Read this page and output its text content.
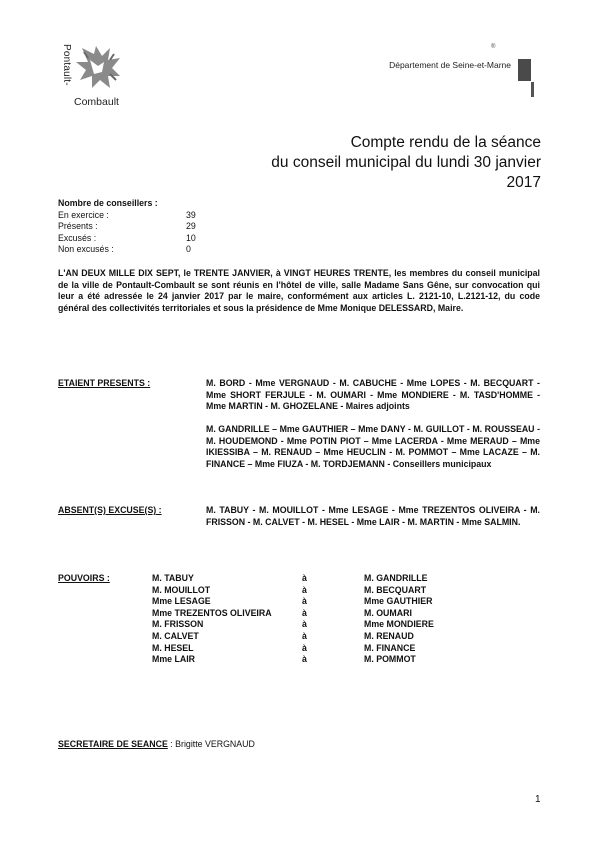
Pontault-
Combault
®
Département de Seine-et-Marne
Compte rendu de la séance
du conseil municipal du lundi 30 janvier
2017
Nombre de conseillers :
En exercice :	39
Présents :	29
Excusés :	10
Non excusés :	0
L'AN DEUX MILLE DIX SEPT, le TRENTE JANVIER, à VINGT HEURES TRENTE, les membres du conseil municipal de la ville de Pontault-Combault se sont réunis en l'hôtel de ville, salle Madame Sans Gêne, sur convocation qui leur a été adressée le 24 janvier 2017 par le maire, conformément aux articles L. 2121-10, L.2121-12, du code général des collectivités territoriales et sous la présidence de Mme Monique DELESSARD, Maire.
ETAIENT PRESENTS :	M. BORD - Mme VERGNAUD - M. CABUCHE - Mme LOPES - M. BECQUART - Mme SHORT FERJULE - M. OUMARI - Mme MONDIERE - M. TASD'HOMME - Mme MARTIN - M. GHOZELANE - Maires adjoints
M. GANDRILLE – Mme GAUTHIER – Mme DANY - M. GUILLOT - M. ROUSSEAU - M. HOUDEMOND - Mme POTIN PIOT – Mme LACERDA - Mme MERAUD – Mme IKIESSIBA – M. RENAUD – Mme HEUCLIN - M. POMMOT – Mme LACAZE – M. FINANCE – Mme FIUZA - M. TORDJEMANN - Conseillers municipaux
ABSENT(S) EXCUSE(S) :	M. TABUY - M. MOUILLOT - Mme LESAGE - Mme TREZENTOS OLIVEIRA - M. FRISSON - M. CALVET - M. HESEL - Mme LAIR - M. MARTIN - Mme SALMIN.
POUVOIRS :	M. TABUY	à	M. GANDRILLE
M. MOUILLOT	à	M. BECQUART
Mme LESAGE	à	Mme GAUTHIER
Mme TREZENTOS OLIVEIRA	à	M. OUMARI
M. FRISSON	à	Mme MONDIERE
M. CALVET	à	M. RENAUD
M. HESEL	à	M. FINANCE
Mme LAIR	à	M. POMMOT
SECRETAIRE DE SEANCE : Brigitte VERGNAUD
1
